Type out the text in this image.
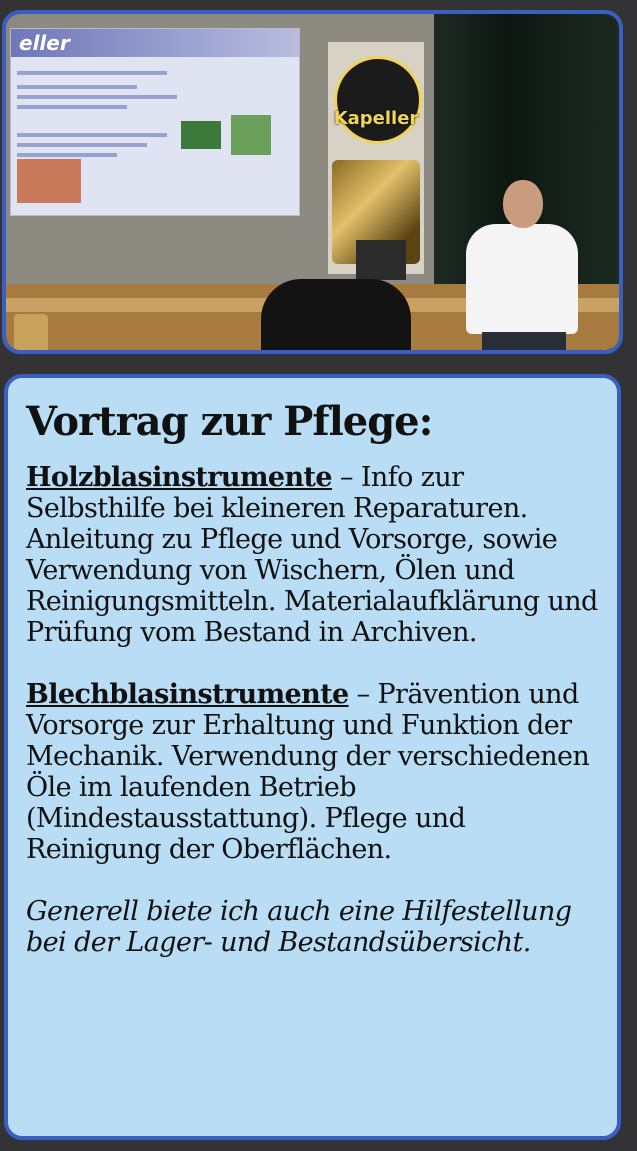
eller
Kapeller
Vortrag zur Pflege:

Holzblasinstrumente – Info zur Selbsthilfe bei kleineren Reparaturen. Anleitung zu Pflege und Vorsorge, sowie Verwendung von Wischern, Ölen und Reinigungsmitteln. Materialaufklärung und Prüfung vom Bestand in Archiven.

Blechblasinstrumente – Prävention und Vorsorge zur Erhaltung und Funktion der Mechanik. Verwendung der verschiedenen Öle im laufenden Betrieb (Mindestausstattung). Pflege und Reinigung der Oberflächen.

Generell biete ich auch eine Hilfestellung bei der Lager- und Bestandsübersicht.
